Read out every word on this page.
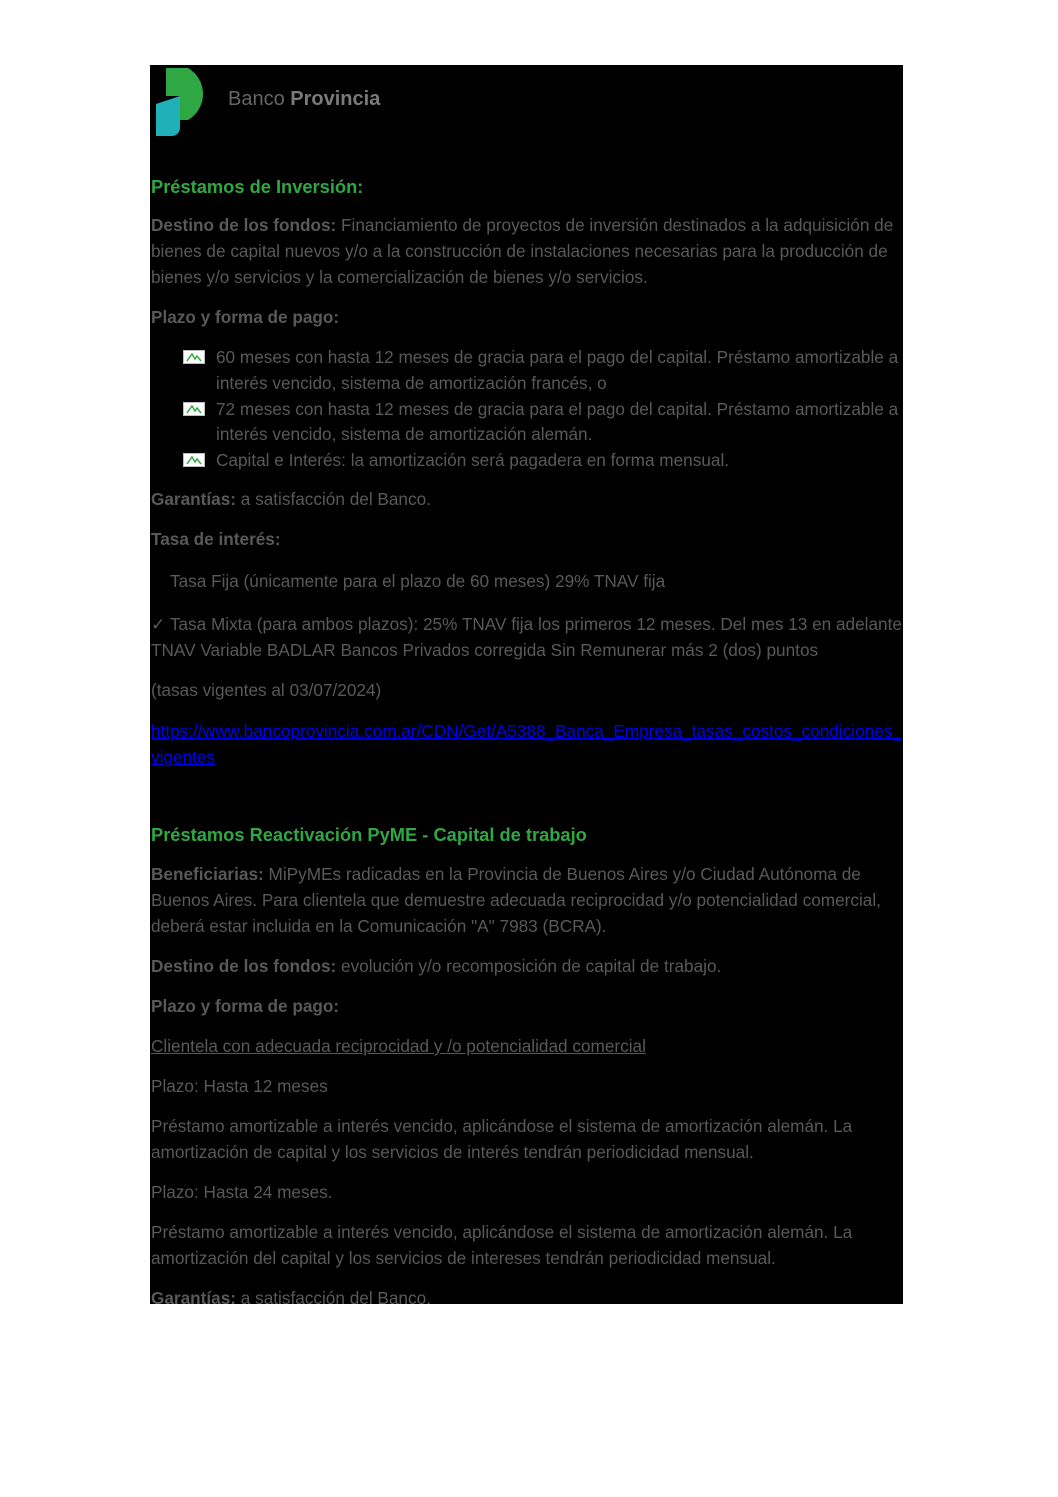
Banco Provincia
Préstamos de Inversión:

Destino de los fondos: Financiamiento de proyectos de inversión destinados a la adquisición de bienes de capital nuevos y/o a la construcción de instalaciones necesarias para la producción de bienes y/o servicios y la comercialización de bienes y/o servicios.

Plazo y forma de pago:

60 meses con hasta 12 meses de gracia para el pago del capital. Préstamo amortizable a interés vencido, sistema de amortización francés, o
72 meses con hasta 12 meses de gracia para el pago del capital. Préstamo amortizable a interés vencido, sistema de amortización alemán.
Capital e Interés: la amortización será pagadera en forma mensual.

Garantías: a satisfacción del Banco.

Tasa de interés:

Tasa Fija (únicamente para el plazo de 60 meses) 29% TNAV fija

✓ Tasa Mixta (para ambos plazos): 25% TNAV fija los primeros 12 meses. Del mes 13 en adelante TNAV Variable BADLAR Bancos Privados corregida Sin Remunerar más 2 (dos) puntos

(tasas vigentes al 03/07/2024)

https://www.bancoprovincia.com.ar/CDN/Get/A5388_Banca_Empresa_tasas_costos_condiciones_vigentes

Préstamos Reactivación PyME - Capital de trabajo

Beneficiarias: MiPyMEs radicadas en la Provincia de Buenos Aires y/o Ciudad Autónoma de Buenos Aires. Para clientela que demuestre adecuada reciprocidad y/o potencialidad comercial, deberá estar incluida en la Comunicación "A" 7983 (BCRA).

Destino de los fondos: evolución y/o recomposición de capital de trabajo.

Plazo y forma de pago:

Clientela con adecuada reciprocidad y /o potencialidad comercial

Plazo: Hasta 12 meses

Préstamo amortizable a interés vencido, aplicándose el sistema de amortización alemán. La amortización de capital y los servicios de interés tendrán periodicidad mensual.

Plazo: Hasta 24 meses.

Préstamo amortizable a interés vencido, aplicándose el sistema de amortización alemán. La amortización del capital y los servicios de intereses tendrán periodicidad mensual.

Garantías: a satisfacción del Banco.
